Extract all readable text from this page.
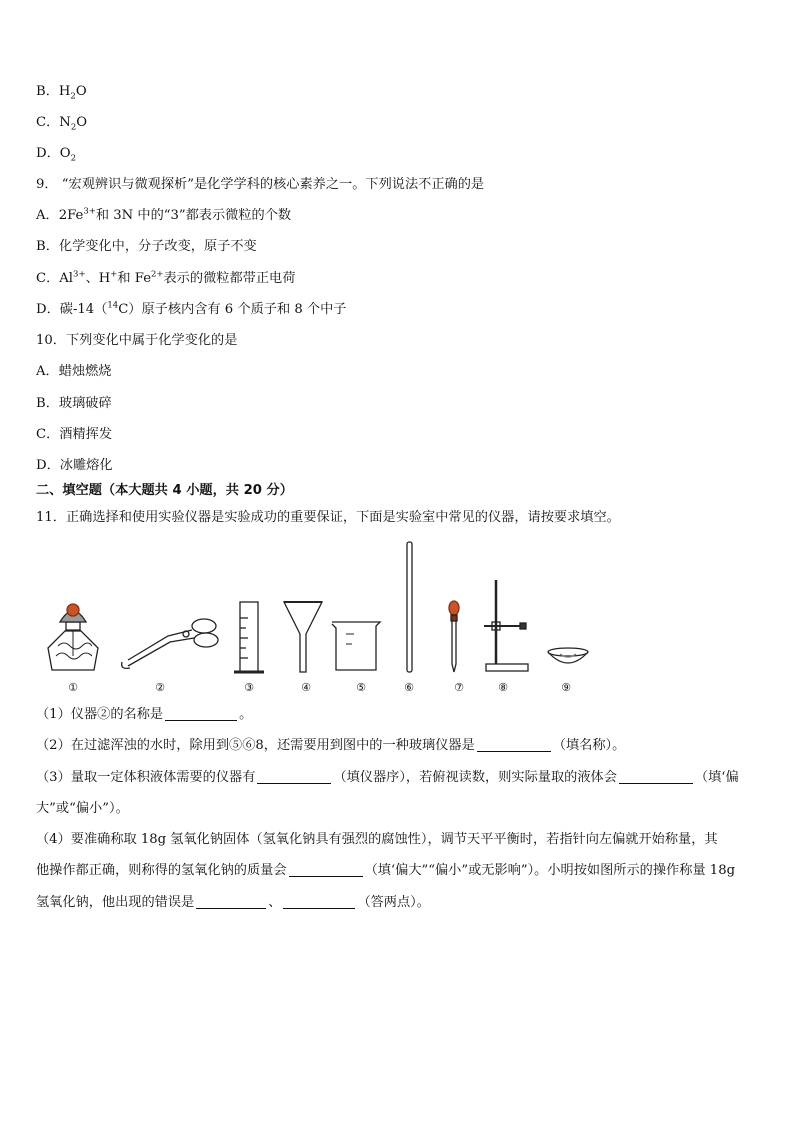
B．$H_2O$
C．$N_2O$
D．$O_2$
9． “宏观辨识与微观探析”是化学学科的核心素养之一。下列说法不正确的是
A．$2Fe^{3+}$和 3N 中的“3”都表示微粒的个数
B．化学变化中，分子改变，原子不变
C．$Al^{3+}$、H+和 $Fe^{2+}$表示的微粒都带正电荷
D．碳-14（$^{14}$C）原子核内含有 6 个质子和 8 个中子
10．下列变化中属于化学变化的是
A．蜡烛燃烧
B．玻璃破碎
C．酒精挥发
D．冰雕熔化
二、填空题（本大题共 4 小题，共 20 分）
11．正确选择和使用实验仪器是实验成功的重要保证，下面是实验室中常见的仪器，请按要求填空。
①	②	③	④	⑤	⑥	⑦	⑧	⑨
（1）仪器②的名称是	。
（2）在过滤浑浊的水时，除用到⑤⑥8，还需要用到图中的一种玻璃仪器是	（填名称）。
（3）量取一定体积液体需要的仪器有	（填仪器序），若俯视读数，则实际量取的液体会	（填‘偏
大”或“偏小”）。
（4）要准确称取 18g 氢氧化钠固体（氢氧化钠具有强烈的腐蚀性），调节天平平衡时，若指针向左偏就开始称量，其
他操作都正确，则称得的氢氧化钠的质量会	（填‘偏大”“偏小”或无影响”）。小明按如图所示的操作称量 18g
氢氧化钠，他出现的错误是	、	（答两点）。
